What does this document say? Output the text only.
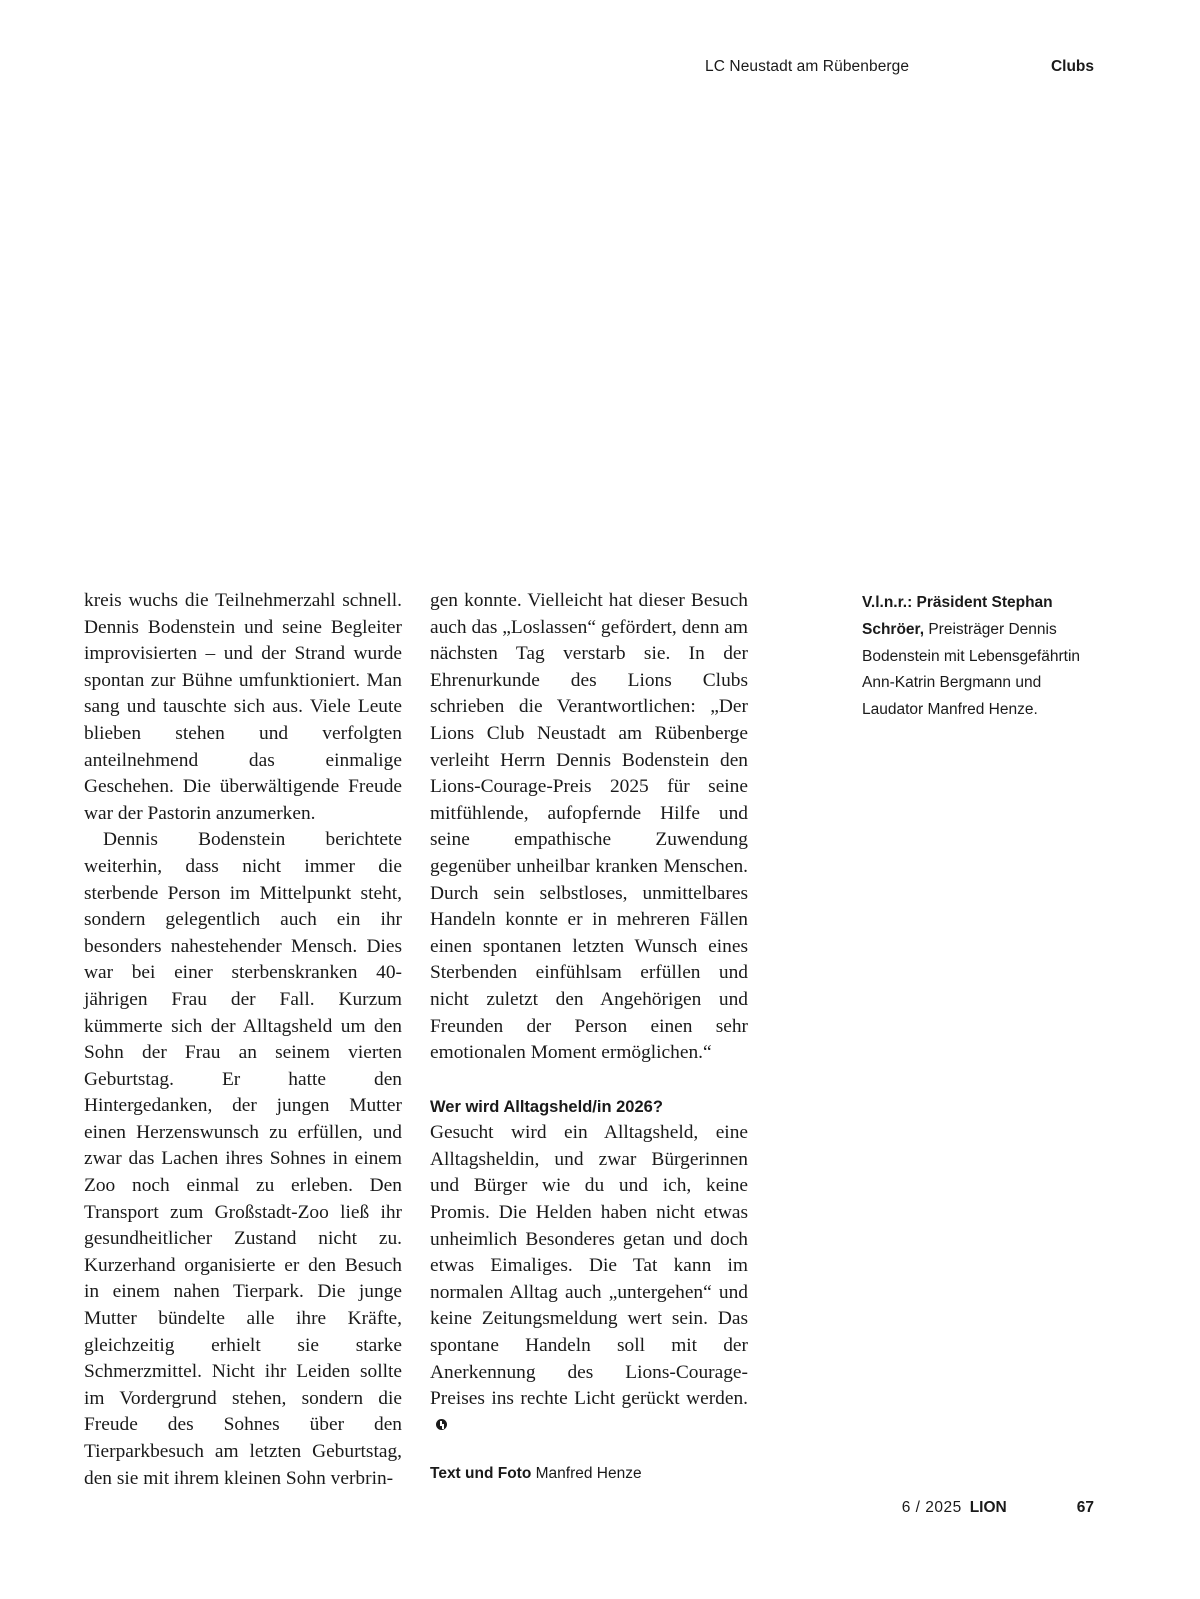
LC Neustadt am Rübenberge	Clubs

kreis wuchs die Teilnehmerzahl schnell. Dennis Bodenstein und seine Begleiter improvisierten – und der Strand wurde spontan zur Bühne umfunktioniert. Man sang und tauschte sich aus. Viele Leute blieben stehen und verfolgten anteilnehmend das einmalige Geschehen. Die überwältigende Freude war der Pastorin anzumerken.

Dennis Bodenstein berichtete weiterhin, dass nicht immer die sterbende Person im Mittelpunkt steht, sondern gelegentlich auch ein ihr besonders nahestehender Mensch. Dies war bei einer sterbenskranken 40-jährigen Frau der Fall. Kurzum kümmerte sich der Alltagsheld um den Sohn der Frau an seinem vierten Geburtstag. Er hatte den Hintergedanken, der jungen Mutter einen Herzenswunsch zu erfüllen, und zwar das Lachen ihres Sohnes in einem Zoo noch einmal zu erleben. Den Transport zum Großstadt-Zoo ließ ihr gesundheitlicher Zustand nicht zu. Kurzerhand organisierte er den Besuch in einem nahen Tierpark. Die junge Mutter bündelte alle ihre Kräfte, gleichzeitig erhielt sie starke Schmerzmittel. Nicht ihr Leiden sollte im Vordergrund stehen, sondern die Freude des Sohnes über den Tierparkbesuch am letzten Geburtstag, den sie mit ihrem kleinen Sohn verbrin-

gen konnte. Vielleicht hat dieser Besuch auch das „Loslassen“ gefördert, denn am nächsten Tag verstarb sie. In der Ehrenurkunde des Lions Clubs schrieben die Verantwortlichen: „Der Lions Club Neustadt am Rübenberge verleiht Herrn Dennis Bodenstein den Lions-Courage-Preis 2025 für seine mitfühlende, aufopfernde Hilfe und seine empathische Zuwendung gegenüber unheilbar kranken Menschen. Durch sein selbstloses, unmittelbares Handeln konnte er in mehreren Fällen einen spontanen letzten Wunsch eines Sterbenden einfühlsam erfüllen und nicht zuletzt den Angehörigen und Freunden der Person einen sehr emotionalen Moment ermöglichen.“

Wer wird Alltagsheld/in 2026?

Gesucht wird ein Alltagsheld, eine Alltagsheldin, und zwar Bürgerinnen und Bürger wie du und ich, keine Promis. Die Helden haben nicht etwas unheimlich Besonderes getan und doch etwas Eimaliges. Die Tat kann im normalen Alltag auch „untergehen“ und keine Zeitungsmeldung wert sein. Das spontane Handeln soll mit der Anerkennung des Lions-Courage-Preises ins rechte Licht gerückt werden.

Text und Foto Manfred Henze
V.l.n.r.: Präsident Stephan Schröer, Preisträger Dennis Bodenstein mit Lebensgefährtin Ann-Katrin Bergmann und Laudator Manfred Henze.
6 / 2025 LION	67
